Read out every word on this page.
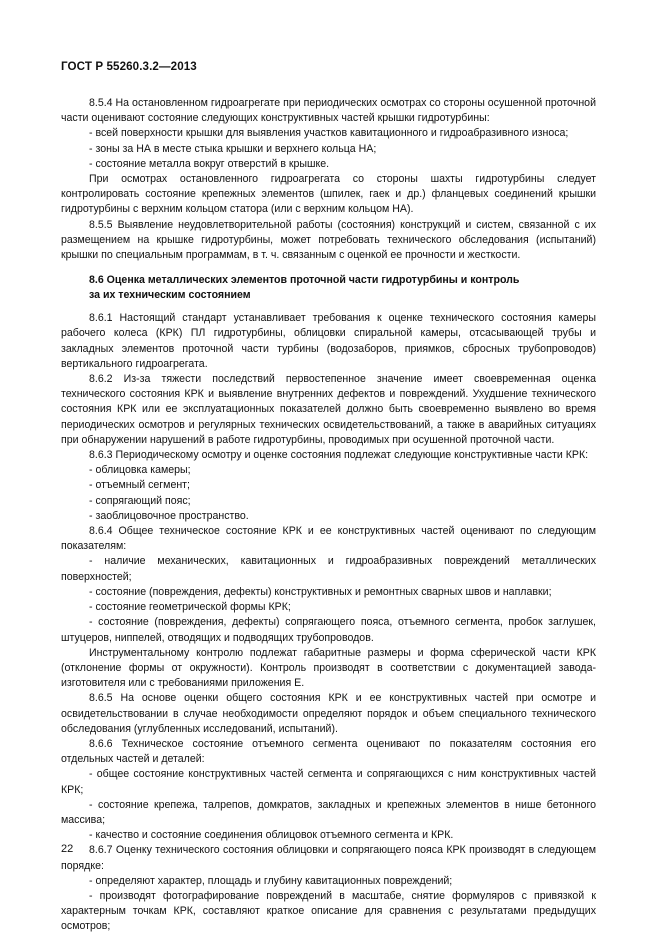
ГОСТ Р 55260.3.2—2013

8.5.4 На остановленном гидроагрегате при периодических осмотрах со стороны осушенной проточной части оценивают состояние следующих конструктивных частей крышки гидротурбины:

- всей поверхности крышки для выявления участков кавитационного и гидроабразивного износа;

- зоны за НА в месте стыка крышки и верхнего кольца НА;

- состояние металла вокруг отверстий в крышке.

При осмотрах остановленного гидроагрегата со стороны шахты гидротурбины следует контролировать состояние крепежных элементов (шпилек, гаек и др.) фланцевых соединений крышки гидротурбины с верхним кольцом статора (или с верхним кольцом НА).

8.5.5 Выявление неудовлетворительной работы (состояния) конструкций и систем, связанной с их размещением на крышке гидротурбины, может потребовать технического обследования (испытаний) крышки по специальным программам, в т. ч. связанным с оценкой ее прочности и жесткости.

8.6 Оценка металлических элементов проточной части гидротурбины и контроль
за их техническим состоянием

8.6.1 Настоящий стандарт устанавливает требования к оценке технического состояния камеры рабочего колеса (КРК) ПЛ гидротурбины, облицовки спиральной камеры, отсасывающей трубы и закладных элементов проточной части турбины (водозаборов, приямков, сбросных трубопроводов) вертикального гидроагрегата.

8.6.2 Из-за тяжести последствий первостепенное значение имеет своевременная оценка технического состояния КРК и выявление внутренних дефектов и повреждений. Ухудшение технического состояния КРК или ее эксплуатационных показателей должно быть своевременно выявлено во время периодических осмотров и регулярных технических освидетельствований, а также в аварийных ситуациях при обнаружении нарушений в работе гидротурбины, проводимых при осушенной проточной части.

8.6.3 Периодическому осмотру и оценке состояния подлежат следующие конструктивные части КРК:

- облицовка камеры;

- отъемный сегмент;

- сопрягающий пояс;

- заоблицовочное пространство.

8.6.4 Общее техническое состояние КРК и ее конструктивных частей оценивают по следующим показателям:

- наличие механических, кавитационных и гидроабразивных повреждений металлических поверхностей;

- состояние (повреждения, дефекты) конструктивных и ремонтных сварных швов и наплавки;

- состояние геометрической формы КРК;

- состояние (повреждения, дефекты) сопрягающего пояса, отъемного сегмента, пробок заглушек, штуцеров, ниппелей, отводящих и подводящих трубопроводов.

Инструментальному контролю подлежат габаритные размеры и форма сферической части КРК (отклонение формы от окружности). Контроль производят в соответствии с документацией завода-изготовителя или с требованиями приложения Е.

8.6.5 На основе оценки общего состояния КРК и ее конструктивных частей при осмотре и освидетельствовании в случае необходимости определяют порядок и объем специального технического обследования (углубленных исследований, испытаний).

8.6.6 Техническое состояние отъемного сегмента оценивают по показателям состояния его отдельных частей и деталей:

- общее состояние конструктивных частей сегмента и сопрягающихся с ним конструктивных частей КРК;

- состояние крепежа, талрепов, домкратов, закладных и крепежных элементов в нише бетонного массива;

- качество и состояние соединения облицовок отъемного сегмента и КРК.

8.6.7 Оценку технического состояния облицовки и сопрягающего пояса КРК производят в следующем порядке:

- определяют характер, площадь и глубину кавитационных повреждений;

- производят фотографирование повреждений в масштабе, снятие формуляров с привязкой к характерным точкам КРК, составляют краткое описание для сравнения с результатами предыдущих осмотров;

22
